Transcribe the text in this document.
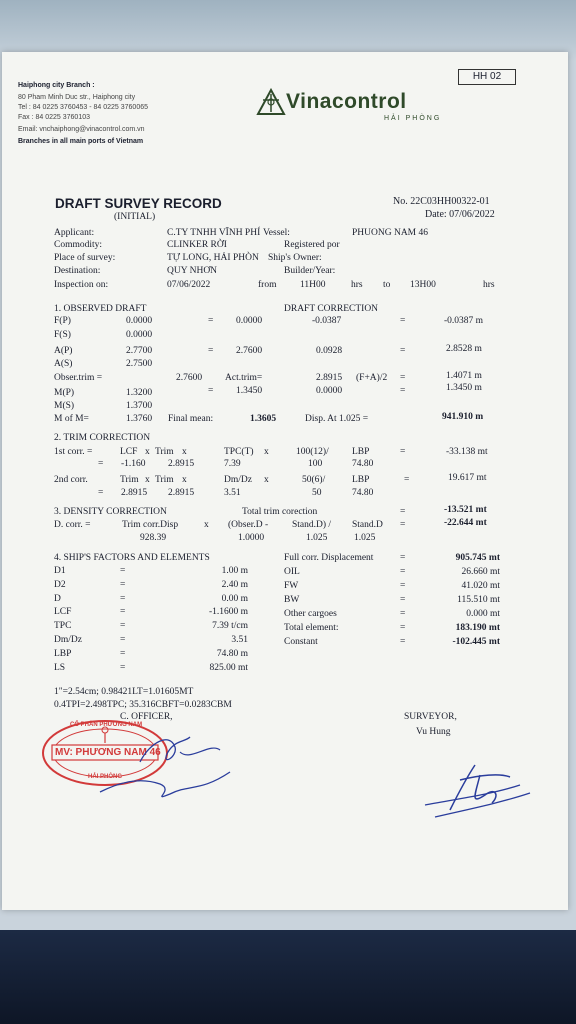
HH 02
Haiphong city Branch :
80 Pham Minh Duc str., Haiphong city
Tel : 84 0225 3760453 - 84 0225 3760065
Fax : 84 0225 3760103
Email: vnchaiphong@vinacontrol.com.vn
Branches in all main ports of Vietnam
Vinacontrol
HẢI PHÒNG
DRAFT SURVEY RECORD
(INITIAL)
No. 22C03HH00322-01
Date: 07/06/2022
Applicant:	C.TY TNHH VĨNH PHÍ Vessel:	PHUONG NAM 46
Commodity:	CLINKER RỜI	Registered por
Place of survey:	TỰ LONG, HẢI PHÒN Ship's Owner:
Destination:	QUY NHƠN	Builder/Year:
Inspection on:	07/06/2022	from 11H00	hrs to 13H00	hrs
1. OBSERVED DRAFT	DRAFT CORRECTION
F(P)	0.0000	= 0.0000	-0.0387	=	-0.0387 m
F(S)	0.0000
A(P)	2.7700	= 2.7600	0.0928	=	2.8528 m
A(S)	2.7500
Obser.trim =	2.7600 Act.trim=	2.8915 (F+A)/2 =	1.4071 m
M(P)	1.3200	= 1.3450	0.0000	=	1.3450 m
M(S)	1.3700
M of M=	1.3760 Final mean:	1.3605	Disp. At 1.025 =	941.910 m
2. TRIM CORRECTION
1st corr. =	LCF x Trim x	TPC(T) x	100(12)/ LBP	=	-33.138 mt
= -1.160 2.8915	7.39	100	74.80
2nd corr.	Trim x Trim x	Dm/Dz x	50(6)/	LBP	=	19.617 mt
= 2.8915 2.8915	3.51	50	74.80
3. DENSITY CORRECTION	Total trim corection	=	-13.521 mt
D. corr. =	Trim corr.Disp	x (Obser.D -	Stand.D) / Stand.D =	-22.644 mt
928.39	1.0000	1.025	1.025
4. SHIP'S FACTORS AND ELEMENTS
D1	=	1.00 m
D2	=	2.40 m
D	=	0.00 m
LCF	=	-1.1600 m
TPC	=	7.39 t/cm
Dm/Dz	=	3.51
LBP	=	74.80 m
LS	=	825.00 mt
Full corr. Displacement	=	905.745 mt
OIL	=	26.660 mt
FW	=	41.020 mt
BW	=	115.510 mt
Other cargoes	=	0.000 mt
Total element:	=	183.190 mt
Constant	=	-102.445 mt
1"=2.54cm; 0.98421LT=1.01605MT
0.4TPI=2.498TPC; 35.316CBFT=0.0283CBM
C. OFFICER,	SURVEYOR,
Vu Hung
CỔ PHẦN PHƯƠNG NAM
MV: PHƯƠNG NAM 46
HẢI PHÒNG
